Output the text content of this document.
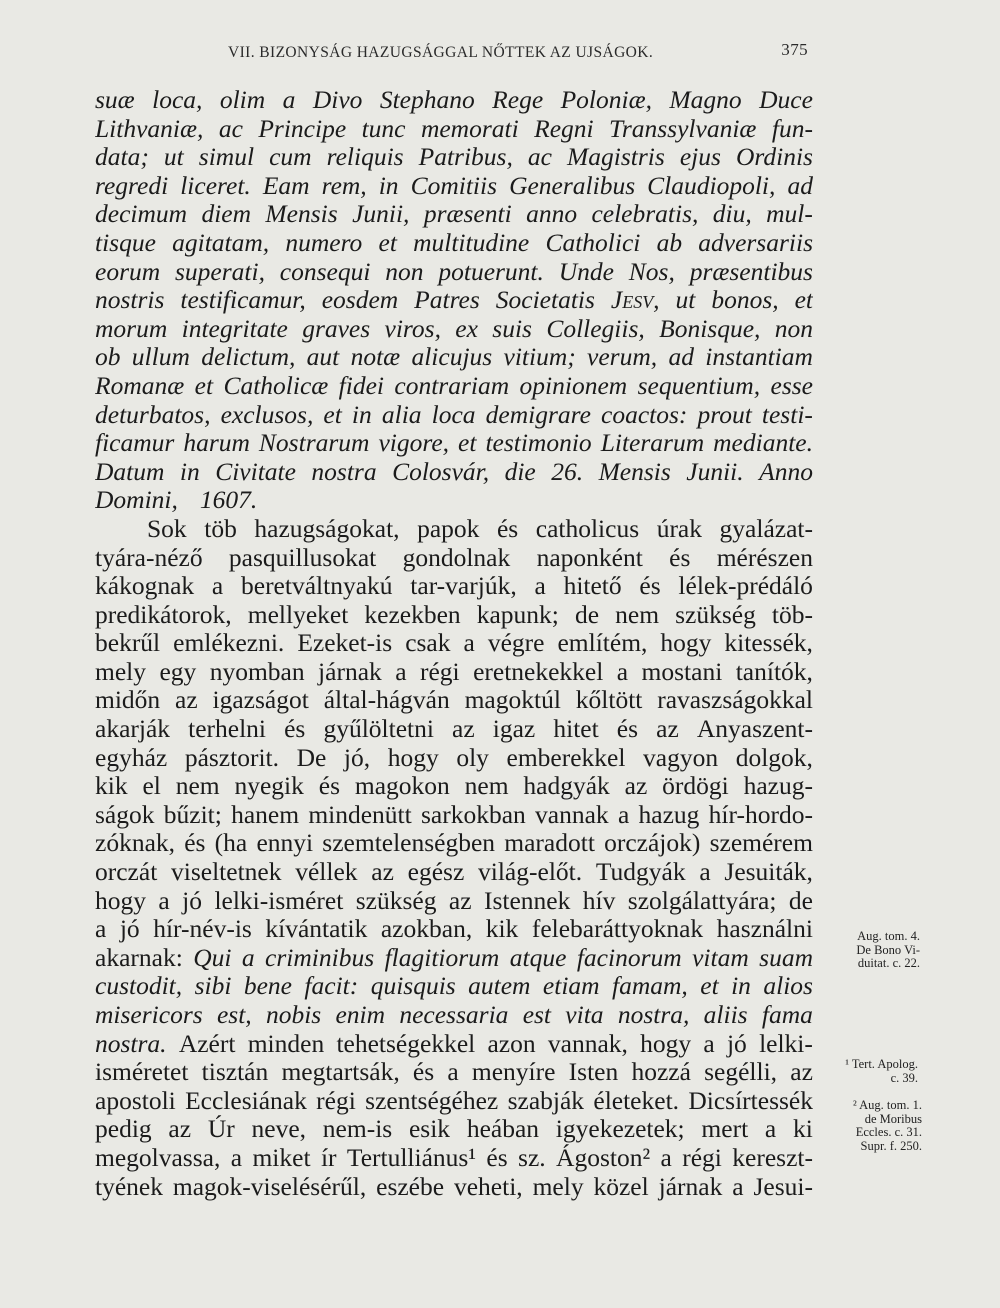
VII. BIZONYSÁG HAZUGSÁGGAL NŐTTEK AZ UJSÁGOK.	375
suæ loca, olim a Divo Stephano Rege Poloniæ, Magno Duce
Lithvaniæ, ac Principe tunc memorati Regni Transsylvaniæ fun-
data; ut simul cum reliquis Patribus, ac Magistris ejus Ordinis
regredi liceret. Eam rem, in Comitiis Generalibus Claudiopoli, ad
decimum diem Mensis Junii, præsenti anno celebratis, diu, mul-
tisque agitatam, numero et multitudine Catholici ab adversariis
eorum superati, consequi non potuerunt. Unde Nos, præsentibus
nostris testificamur, eosdem Patres Societatis Jesv, ut bonos, et
morum integritate graves viros, ex suis Collegiis, Bonisque, non
ob ullum delictum, aut notæ alicujus vitium; verum, ad instantiam
Romanæ et Catholicæ fidei contrariam opinionem sequentium, esse
deturbatos, exclusos, et in alia loca demigrare coactos: prout testi-
ficamur harum Nostrarum vigore, et testimonio Literarum mediante.
Datum in Civitate nostra Colosvár, die 26. Mensis Junii. Anno
Domini, 1607.
Sok töb hazugságokat, papok és catholicus úrak gyalázat-
tyára-néző pasquillusokat gondolnak naponként és mérészen
kákognak a beretváltnyakú tar-varjúk, a hitető és lélek-prédáló
predikátorok, mellyeket kezekben kapunk; de nem szükség töb-
bekrűl emlékezni. Ezeket-is csak a végre említém, hogy kitessék,
mely egy nyomban járnak a régi eretnekekkel a mostani tanítók,
midőn az igazságot által-hágván magoktúl kőltött ravaszságokkal
akarják terhelni és gyűlöltetni az igaz hitet és az Anyaszent-
egyház pásztorit. De jó, hogy oly emberekkel vagyon dolgok,
kik el nem nyegik és magokon nem hadgyák az ördögi hazug-
ságok bűzit; hanem mindenütt sarkokban vannak a hazug hír-hordo-
zóknak, és (ha ennyi szemtelenségben maradott orczájok) szemérem
orczát viseltetnek véllek az egész világ-előt. Tudgyák a Jesuiták,
hogy a jó lelki-isméret szükség az Istennek hív szolgálattyára; de
a jó hír-név-is kívántatik azokban, kik felebaráttyoknak használni
akarnak: Qui a criminibus flagitiorum atque facinorum vitam suam
custodit, sibi bene facit: quisquis autem etiam famam, et in alios
misericors est, nobis enim necessaria est vita nostra, aliis fama
nostra. Azért minden tehetségekkel azon vannak, hogy a jó lelki-
isméretet tisztán megtartsák, és a menyíre Isten hozzá segélli, az
apostoli Ecclesiának régi szentségéhez szabják életeket. Dicsírtessék
pedig az Úr neve, nem-is esik heában igyekezetek; mert a ki
megolvassa, a miket ír Tertulliánus¹ és sz. Ágoston² a régi kereszt-
tyének magok-viselésérűl, eszébe veheti, mely közel járnak a Jesui-
Aug. tom. 4.
De Bono Vi-
duitat. c. 22.
¹ Tert. Apolog.
c. 39.
² Aug. tom. 1.
de Moribus
Eccles. c. 31.
Supr. f. 250.
